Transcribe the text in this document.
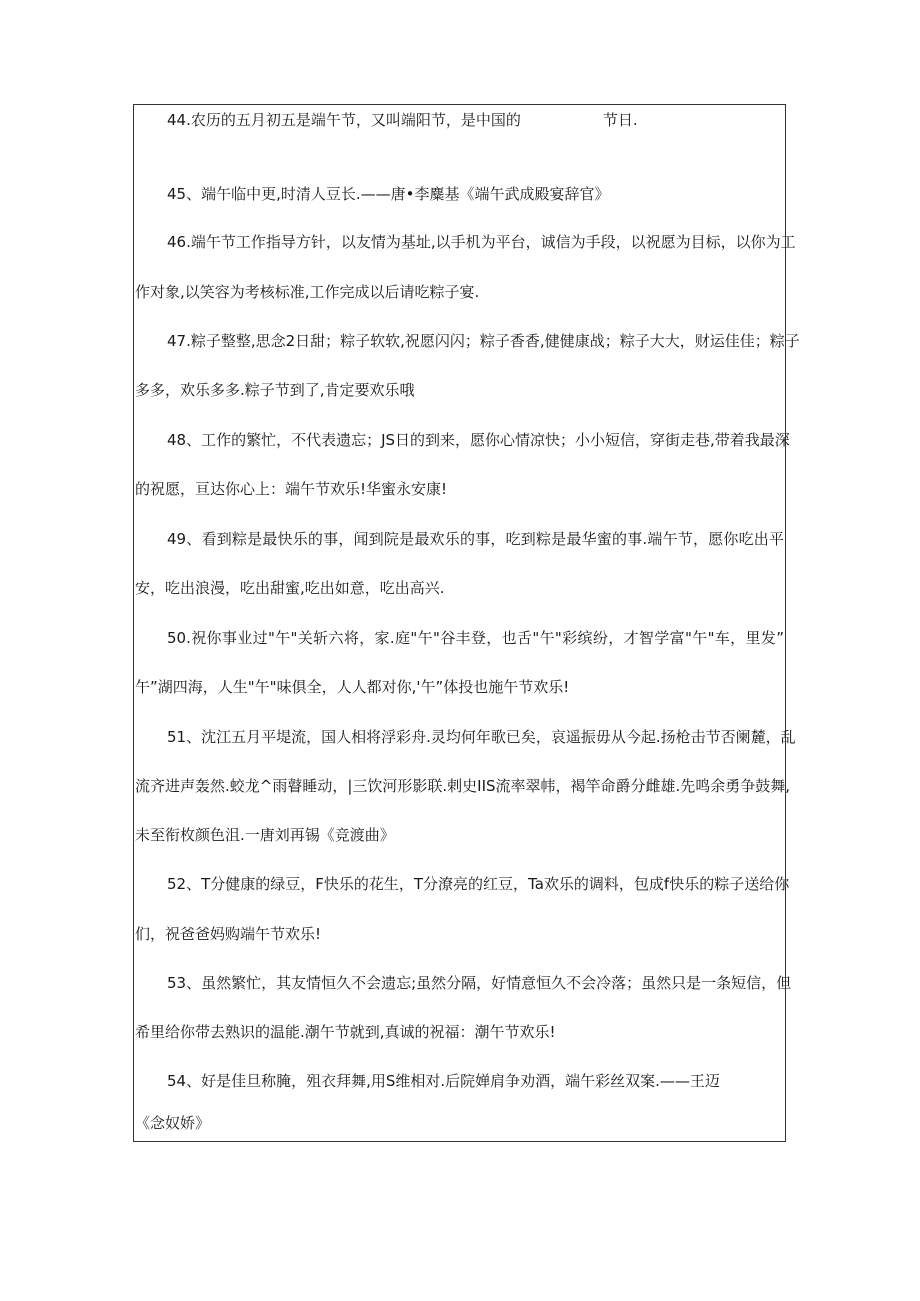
44.农历的五月初五是端午节，又叫端阳节，是中国的	节日.
45、端午临中更,时清人豆长.——唐•李麋基《端午武成殿宴辞官》
46.端午节工作指导方针，以友情为基址,以手机为平台，诚信为手段，以祝愿为目标，以你为工
作对象,以笑容为考核标准,工作完成以后请吃粽子宴.
47.粽子整整,思念2日甜；粽子软软,祝愿闪闪；粽子香香,健健康战；粽子大大，财运佳佳；粽子
多多，欢乐多多.粽子节到了,肯定要欢乐哦
48、工作的繁忙，不代表遗忘；JS日的到来，愿你心情凉快；小小短信，穿街走巷,带着我最深
的祝愿，亘达你心上：端午节欢乐!华蜜永安康!
49、看到粽是最快乐的事，闻到院是最欢乐的事，吃到粽是最华蜜的事.端午节，愿你吃出平
安，吃出浪漫，吃出甜蜜,吃出如意，吃出高兴.
50.祝你事业过"午"关斩六将，家.庭"午"谷丰登，也舌"午"彩缤纷，才智学富"午"车，里发”
午”湖四海，人生"午"味俱全，人人都对你,'午”体投也施午节欢乐!
51、沈江五月平堤流，国人相将浮彩舟.灵均何年歌已矣，哀遥振毋从今起.扬枪击节否阑麓，乱
流齐进声轰然.蛟龙^雨瞽睡动，|三饮河形影联.剌史IIS流率翠帏，褐竿命爵分雌雄.先鸣余勇争鼓舞,
未至衔枚颜色沮.一唐刘再锡《竞渡曲》
52、T分健康的绿豆，F快乐的花生，T分潦亮的红豆，Ta欢乐的调料，包成f快乐的粽子送给你
们，祝爸爸妈购端午节欢乐!
53、虽然繁忙，其友情恒久不会遗忘;虽然分隔，好情意恒久不会冷落；虽然只是一条短信，但
希里给你带去熟识的温能.潮午节就到,真诚的祝福：潮午节欢乐!
54、好是佳旦称腌，殂衣拜舞,用S维相对.后院婵肩争劝酒，端午彩丝双案.——王迈
《念奴娇》
